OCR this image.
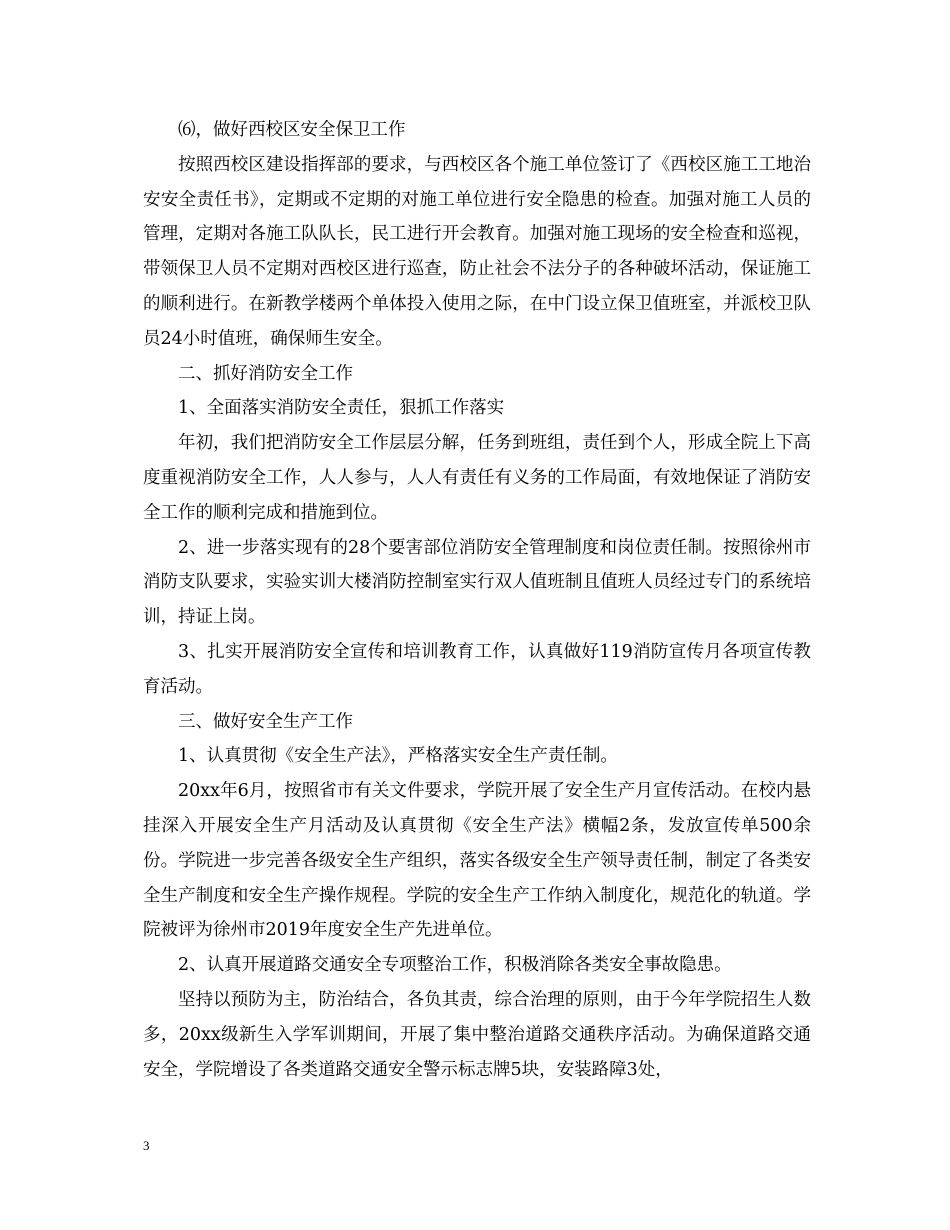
⑹，做好西校区安全保卫工作

按照西校区建设指挥部的要求，与西校区各个施工单位签订了《西校区施工工地治安安全责任书》，定期或不定期的对施工单位进行安全隐患的检查。加强对施工人员的管理，定期对各施工队队长，民工进行开会教育。加强对施工现场的安全检查和巡视，带领保卫人员不定期对西校区进行巡查，防止社会不法分子的各种破坏活动，保证施工的顺利进行。在新教学楼两个单体投入使用之际，在中门设立保卫值班室，并派校卫队员24小时值班，确保师生安全。

二、抓好消防安全工作

1、全面落实消防安全责任，狠抓工作落实

年初，我们把消防安全工作层层分解，任务到班组，责任到个人，形成全院上下高度重视消防安全工作，人人参与，人人有责任有义务的工作局面，有效地保证了消防安全工作的顺利完成和措施到位。

2、进一步落实现有的28个要害部位消防安全管理制度和岗位责任制。按照徐州市消防支队要求，实验实训大楼消防控制室实行双人值班制且值班人员经过专门的系统培训，持证上岗。

3、扎实开展消防安全宣传和培训教育工作，认真做好119消防宣传月各项宣传教育活动。

三、做好安全生产工作

1、认真贯彻《安全生产法》，严格落实安全生产责任制。

20xx年6月，按照省市有关文件要求，学院开展了安全生产月宣传活动。在校内悬挂深入开展安全生产月活动及认真贯彻《安全生产法》横幅2条，发放宣传单500余份。学院进一步完善各级安全生产组织，落实各级安全生产领导责任制，制定了各类安全生产制度和安全生产操作规程。学院的安全生产工作纳入制度化，规范化的轨道。学院被评为徐州市2019年度安全生产先进单位。

2、认真开展道路交通安全专项整治工作，积极消除各类安全事故隐患。

坚持以预防为主，防治结合，各负其责，综合治理的原则，由于今年学院招生人数多，20xx级新生入学军训期间，开展了集中整治道路交通秩序活动。为确保道路交通安全，学院增设了各类道路交通安全警示标志牌5块，安装路障3处，

3
